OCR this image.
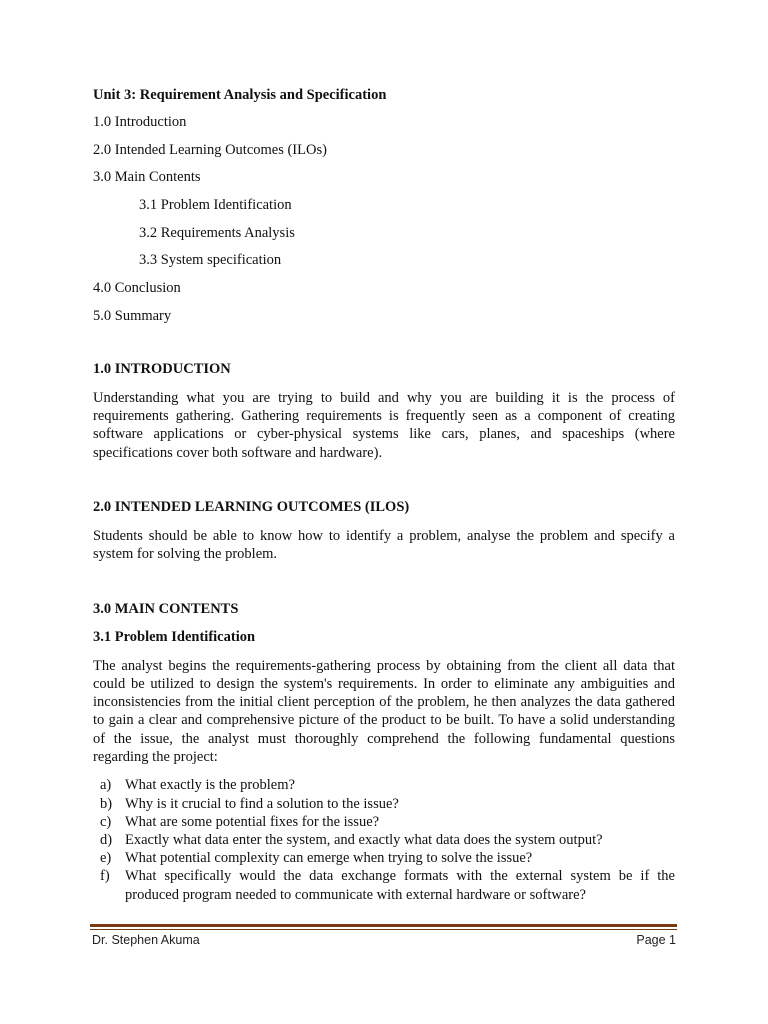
Unit 3: Requirement Analysis and Specification
1.0 Introduction
2.0 Intended Learning Outcomes (ILOs)
3.0 Main Contents
3.1 Problem Identification
3.2 Requirements Analysis
3.3 System specification
4.0 Conclusion
5.0 Summary
1.0 INTRODUCTION
Understanding what you are trying to build and why you are building it is the process of requirements gathering. Gathering requirements is frequently seen as a component of creating software applications or cyber-physical systems like cars, planes, and spaceships (where specifications cover both software and hardware).
2.0 INTENDED LEARNING OUTCOMES (ILOS)
Students should be able to know how to identify a problem, analyse the problem and specify a system for solving the problem.
3.0 MAIN CONTENTS
3.1 Problem Identification
The analyst begins the requirements-gathering process by obtaining from the client all data that could be utilized to design the system's requirements. In order to eliminate any ambiguities and inconsistencies from the initial client perception of the problem, he then analyzes the data gathered to gain a clear and comprehensive picture of the product to be built. To have a solid understanding of the issue, the analyst must thoroughly comprehend the following fundamental questions regarding the project:
a) What exactly is the problem?
b) Why is it crucial to find a solution to the issue?
c) What are some potential fixes for the issue?
d) Exactly what data enter the system, and exactly what data does the system output?
e) What potential complexity can emerge when trying to solve the issue?
f) What specifically would the data exchange formats with the external system be if the produced program needed to communicate with external hardware or software?
Dr. Stephen Akuma	Page 1
